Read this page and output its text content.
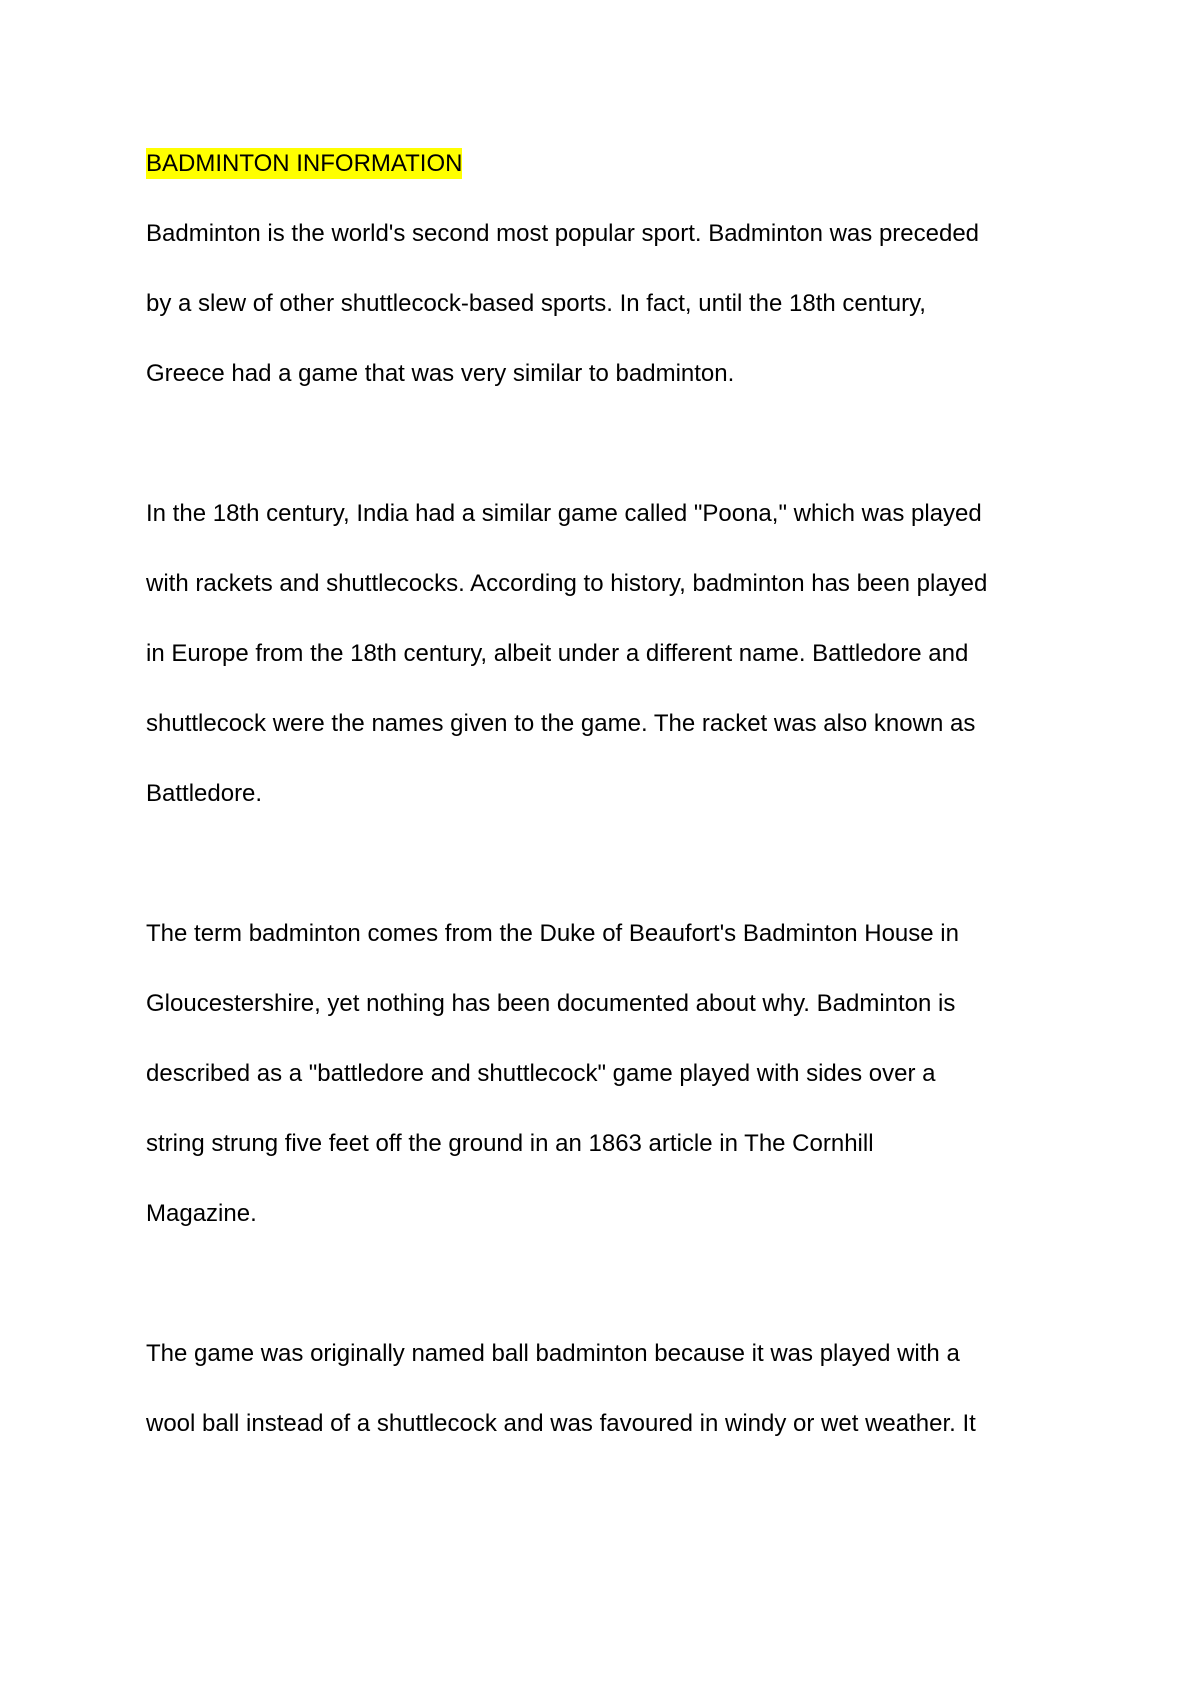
BADMINTON INFORMATION
Badminton is the world's second most popular sport. Badminton was preceded
by a slew of other shuttlecock-based sports. In fact, until the 18th century,
Greece had a game that was very similar to badminton.
In the 18th century, India had a similar game called "Poona," which was played
with rackets and shuttlecocks. According to history, badminton has been played
in Europe from the 18th century, albeit under a different name. Battledore and
shuttlecock were the names given to the game. The racket was also known as
Battledore.
The term badminton comes from the Duke of Beaufort's Badminton House in
Gloucestershire, yet nothing has been documented about why. Badminton is
described as a "battledore and shuttlecock" game played with sides over a
string strung five feet off the ground in an 1863 article in The Cornhill
Magazine.
The game was originally named ball badminton because it was played with a
wool ball instead of a shuttlecock and was favoured in windy or wet weather. It
